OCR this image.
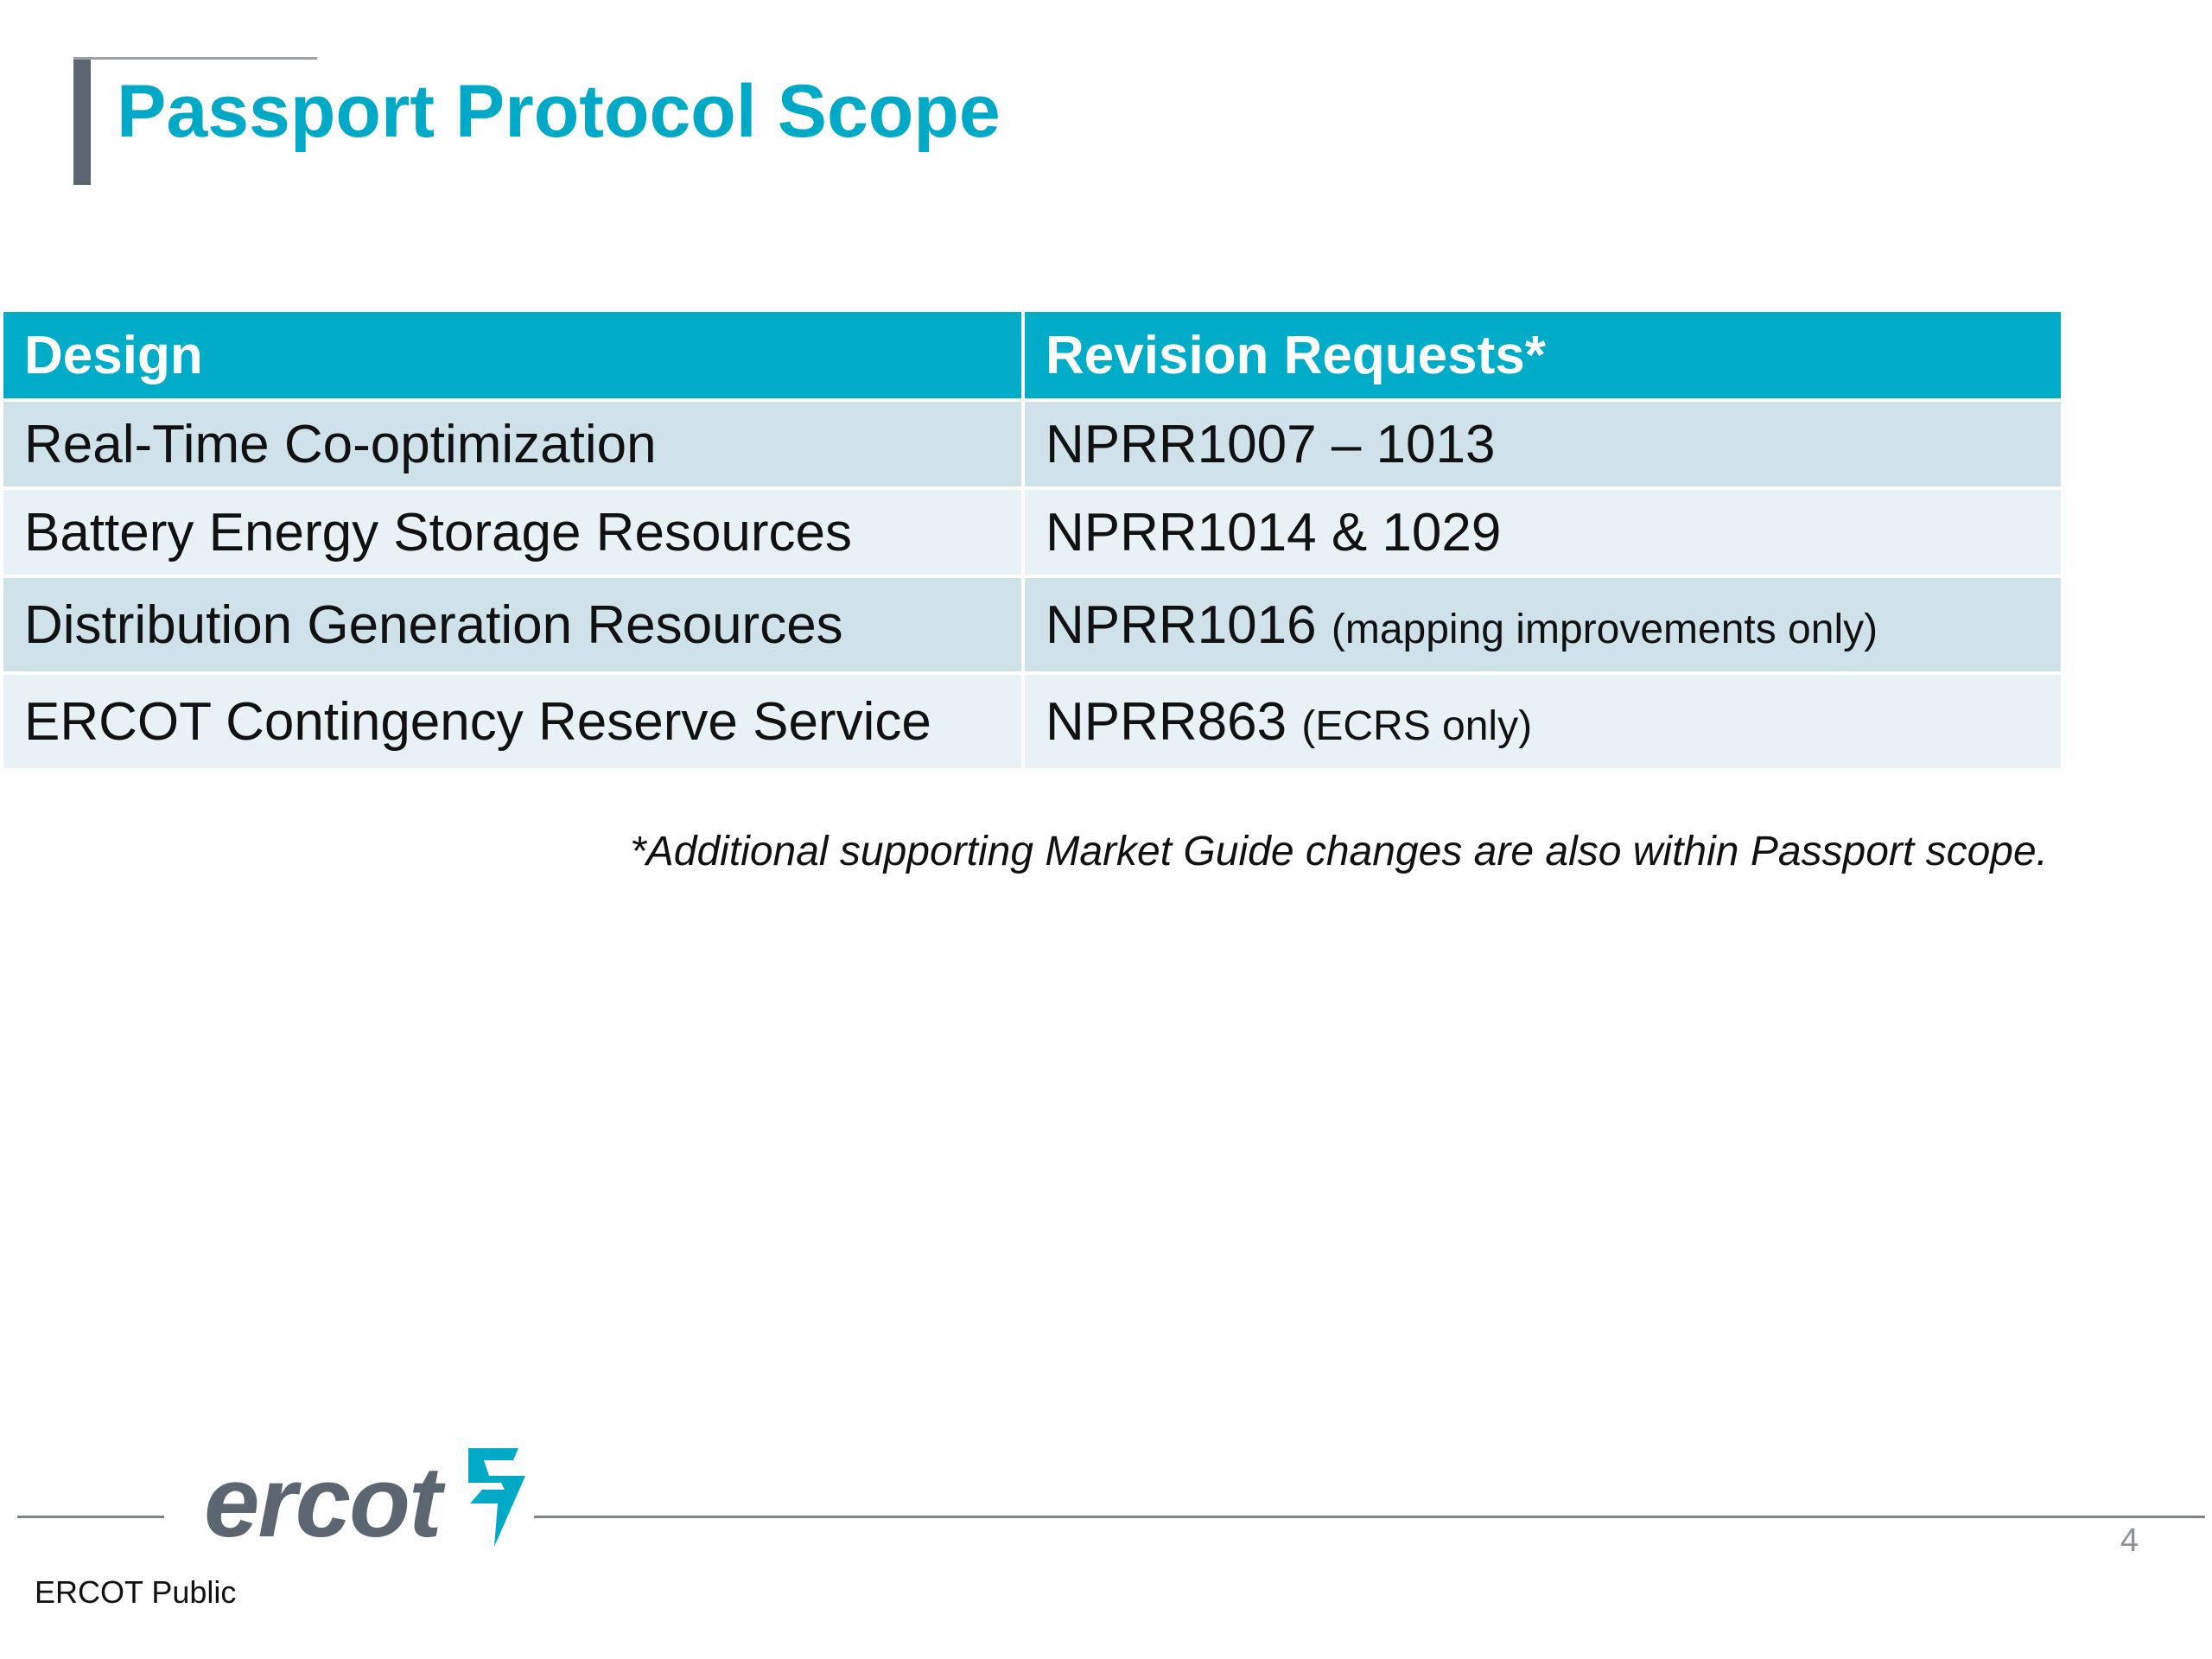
Passport Protocol Scope
Design	Revision Requests*
Real-Time Co-optimization	NPRR1007 – 1013
Battery Energy Storage Resources	NPRR1014 & 1029
Distribution Generation Resources	NPRR1016 (mapping improvements only)
ERCOT Contingency Reserve Service	NPRR863 (ECRS only)

*Additional supporting Market Guide changes are also within Passport scope.

ercot

ERCOT Public

4
